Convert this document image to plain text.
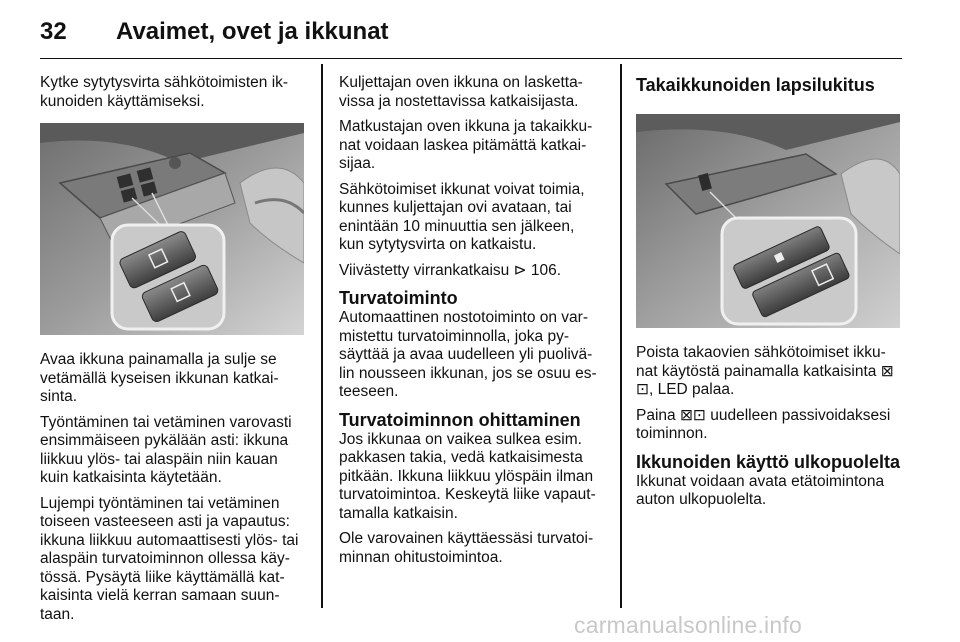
32 Avaimet, ovet ja ikkunat

Kytke sytytysvirta sähkötoimisten ik-kunoiden käyttämiseksi.

Avaa ikkuna painamalla ja sulje se vetämällä kyseisen ikkunan katkai-sinta.

Työntäminen tai vetäminen varovasti ensimmäiseen pykälään asti: ikkuna liikkuu ylös- tai alaspäin niin kauan kuin katkaisinta käytetään.

Lujempi työntäminen tai vetäminen toiseen vasteeseen asti ja vapautus: ikkuna liikkuu automaattisesti ylös- tai alaspäin turvatoiminnon ollessa käy-tössä. Pysäytä liike käyttämällä kat-kaisinta vielä kerran samaan suun-taan.

Kuljettajan oven ikkuna on lasketta-vissa ja nostettavissa katkaisijasta.

Matkustajan oven ikkuna ja takaikku-nat voidaan laskea pitämättä katkai-sijaa.

Sähkötoimiset ikkunat voivat toimia, kunnes kuljettajan ovi avataan, tai enintään 10 minuuttia sen jälkeen, kun sytytysvirta on katkaistu.

Viivästetty virrankatkaisu ⊳ 106.

Turvatoiminto

Automaattinen nostotoiminto on var-mistettu turvatoiminnolla, joka py-säyttää ja avaa uudelleen yli puolivä-lin nousseen ikkunan, jos se osuu es-teeseen.

Turvatoiminnon ohittaminen

Jos ikkunaa on vaikea sulkea esim. pakkasen takia, vedä katkaisimesta pitkään. Ikkuna liikkuu ylöspäin ilman turvatoimintoa. Keskeytä liike vapaut-tamalla katkaisin.

Ole varovainen käyttäessäsi turvatoi-minnan ohitustoimintoa.

Takaikkunoiden lapsilukitus

Poista takaovien sähkötoimiset ikku-nat käytöstä painamalla katkaisinta ⊠ ⊡, LED palaa.

Paina ⊠⊡ uudelleen passivoidaksesi toiminnon.

Ikkunoiden käyttö ulkopuolelta

Ikkunat voidaan avata etätoimintona auton ulkopuolelta.

carmanualsonline.info
